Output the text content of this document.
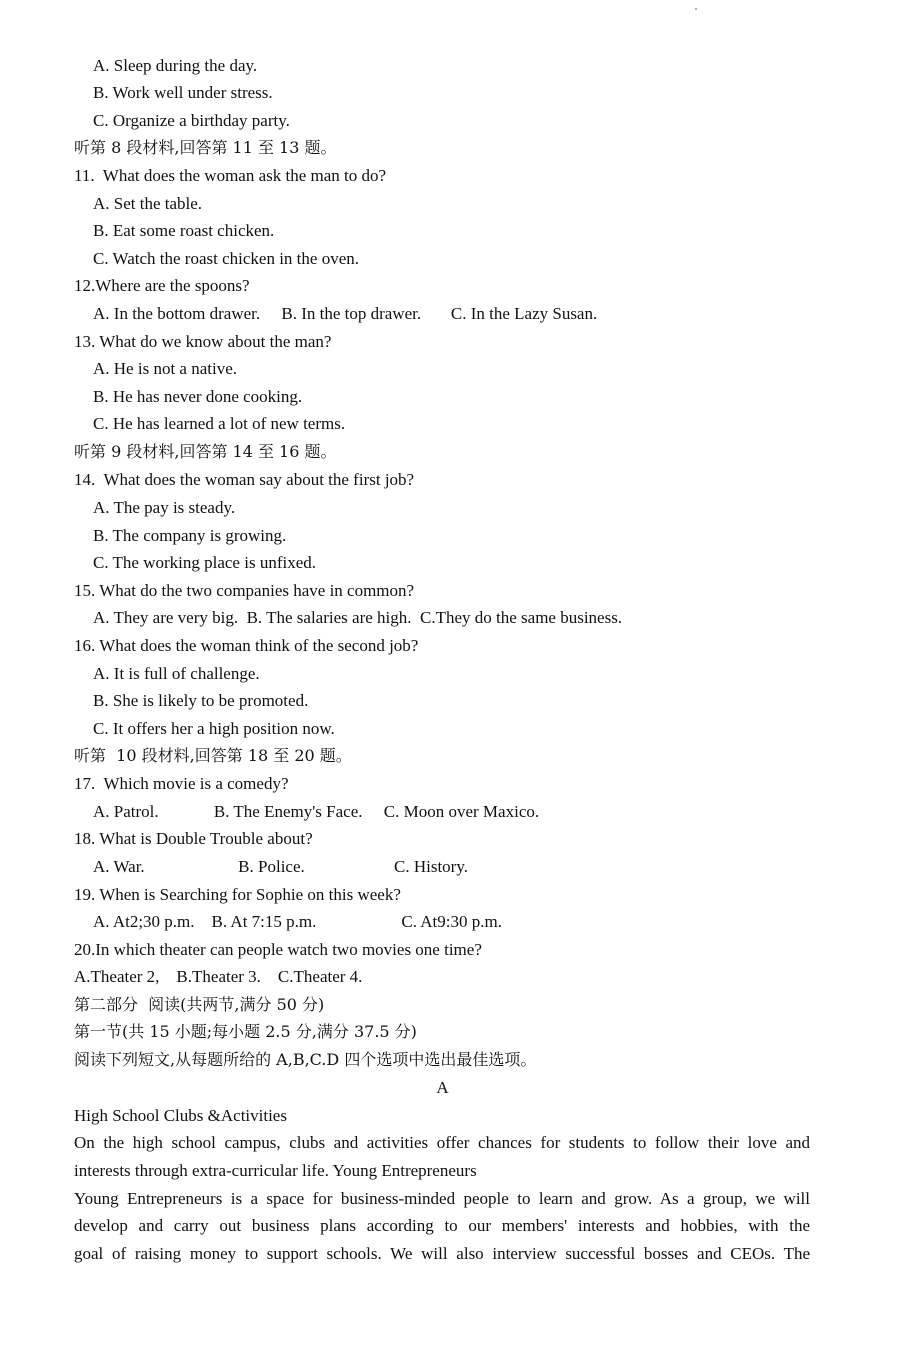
A. Sleep during the day.
B. Work well under stress.
C. Organize a birthday party.
听第 8 段材料,回答第 11 至 13 题。
11.  What does the woman ask the man to do?
A. Set the table.
B. Eat some roast chicken.
C. Watch the roast chicken in the oven.
12.Where are the spoons?
A. In the bottom drawer.     B. In the top drawer.       C. In the Lazy Susan.
13. What do we know about the man?
A. He is not a native.
B. He has never done cooking.
C. He has learned a lot of new terms.
听第 9 段材料,回答第 14 至 16 题。
14.  What does the woman say about the first job?
A. The pay is steady.
B. The company is growing.
C. The working place is unfixed.
15. What do the two companies have in common?
A. They are very big.  B. The salaries are high.  C.They do the same business.
16. What does the woman think of the second job?
A. It is full of challenge.
B. She is likely to be promoted.
C. It offers her a high position now.
听第  10 段材料,回答第 18 至 20 题。
17.  Which movie is a comedy?
A. Patrol.             B. The Enemy's Face.     C. Moon over Maxico.
18. What is Double Trouble about?
A. War.                      B. Police.                     C. History.
19. When is Searching for Sophie on this week?
A. At2;30 p.m.    B. At 7:15 p.m.                    C. At9:30 p.m.
20.In which theater can people watch two movies one time?
A.Theater 2,    B.Theater 3.    C.Theater 4.
第二部分  阅读(共两节,满分 50 分)
第一节(共 15 小题;每小题 2.5 分,满分 37.5 分)
阅读下列短文,从每题所给的 A,B,C.D 四个选项中选出最佳选项。
A
High School Clubs &Activities
On the high school campus, clubs and activities offer chances for students to follow their love and
interests through extra-curricular life. Young Entrepreneurs
Young Entrepreneurs is a space for business-minded people to learn and grow. As a group, we will
develop and carry out business plans according to our members' interests and hobbies, with the
goal of raising money to support schools. We will also interview successful bosses and CEOs. The
